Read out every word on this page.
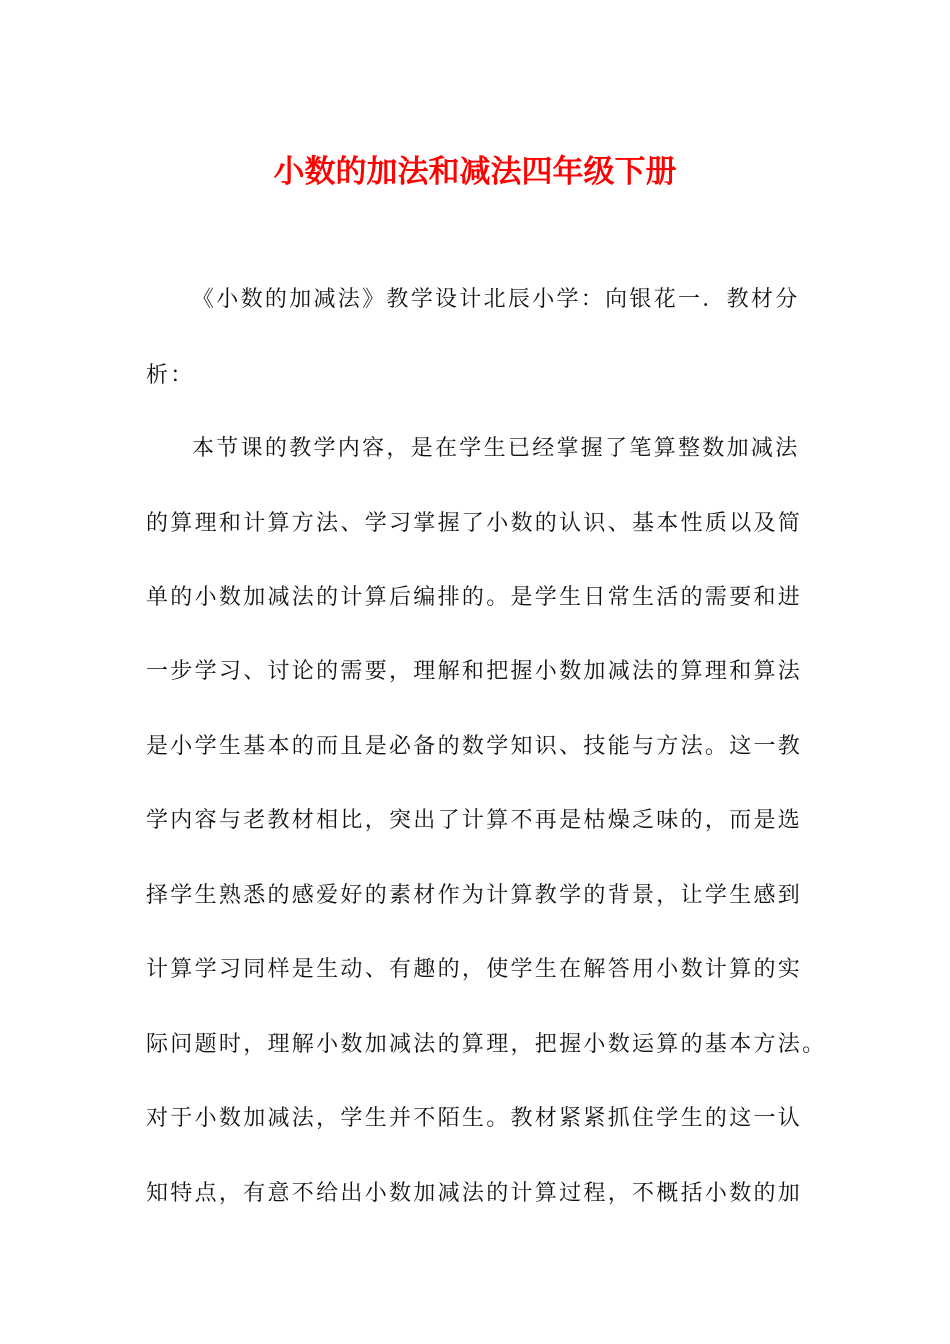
小数的加法和减法四年级下册

《小数的加减法》教学设计北辰小学：向银花一．教材分

析：

本节课的教学内容，是在学生已经掌握了笔算整数加减法

的算理和计算方法、学习掌握了小数的认识、基本性质以及简

单的小数加减法的计算后编排的。是学生日常生活的需要和进

一步学习、讨论的需要，理解和把握小数加减法的算理和算法

是小学生基本的而且是必备的数学知识、技能与方法。这一教

学内容与老教材相比，突出了计算不再是枯燥乏味的，而是选

择学生熟悉的感爱好的素材作为计算教学的背景，让学生感到

计算学习同样是生动、有趣的，使学生在解答用小数计算的实

际问题时，理解小数加减法的算理，把握小数运算的基本方法。

对于小数加减法，学生并不陌生。教材紧紧抓住学生的这一认

知特点，有意不给出小数加减法的计算过程，不概括小数的加
